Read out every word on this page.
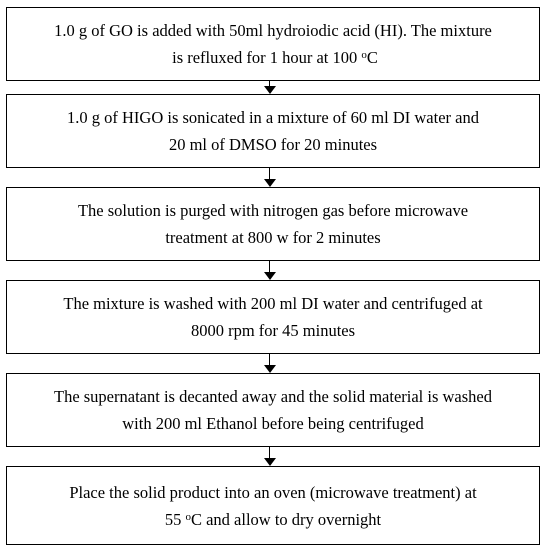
1.0 g of GO is added with 50ml hydroiodic acid (HI). The mixture
is refluxed for 1 hour at 100 $^o$C
1.0 g of HIGO is sonicated in a mixture of 60 ml DI water and
20 ml of DMSO for 20 minutes
The solution is purged with nitrogen gas before microwave
treatment at 800 w for 2 minutes
The mixture is washed with 200 ml DI water and centrifuged at
8000 rpm for 45 minutes
The supernatant is decanted away and the solid material is washed
with 200 ml Ethanol before being centrifuged
Place the solid product into an oven (microwave treatment) at
55 $^o$C and allow to dry overnight
